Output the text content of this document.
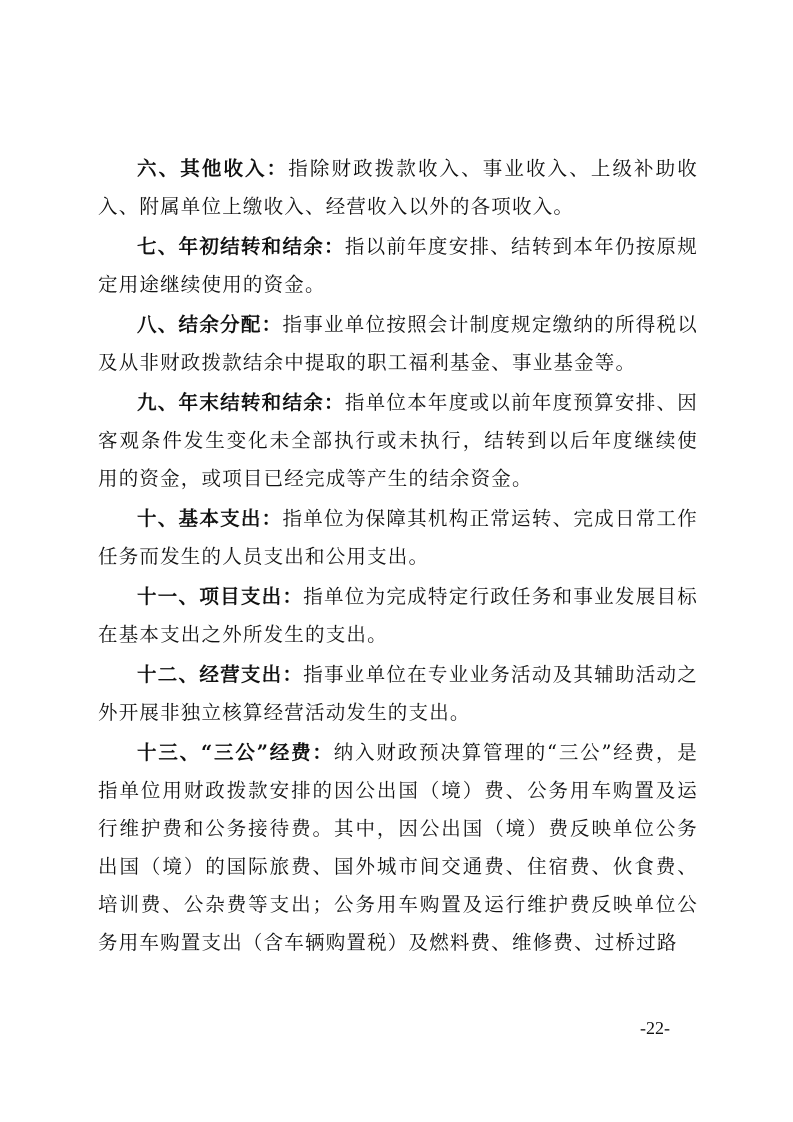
六、其他收入：指除财政拨款收入、事业收入、上级补助收入、附属单位上缴收入、经营收入以外的各项收入。

七、年初结转和结余：指以前年度安排、结转到本年仍按原规定用途继续使用的资金。

八、结余分配：指事业单位按照会计制度规定缴纳的所得税以及从非财政拨款结余中提取的职工福利基金、事业基金等。

九、年末结转和结余：指单位本年度或以前年度预算安排、因客观条件发生变化未全部执行或未执行，结转到以后年度继续使用的资金，或项目已经完成等产生的结余资金。

十、基本支出：指单位为保障其机构正常运转、完成日常工作任务而发生的人员支出和公用支出。

十一、项目支出：指单位为完成特定行政任务和事业发展目标在基本支出之外所发生的支出。

十二、经营支出：指事业单位在专业业务活动及其辅助活动之外开展非独立核算经营活动发生的支出。

十三、“三公”经费：纳入财政预决算管理的“三公”经费，是指单位用财政拨款安排的因公出国（境）费、公务用车购置及运行维护费和公务接待费。其中，因公出国（境）费反映单位公务出国（境）的国际旅费、国外城市间交通费、住宿费、伙食费、培训费、公杂费等支出；公务用车购置及运行维护费反映单位公务用车购置支出（含车辆购置税）及燃料费、维修费、过桥过路

-22-
